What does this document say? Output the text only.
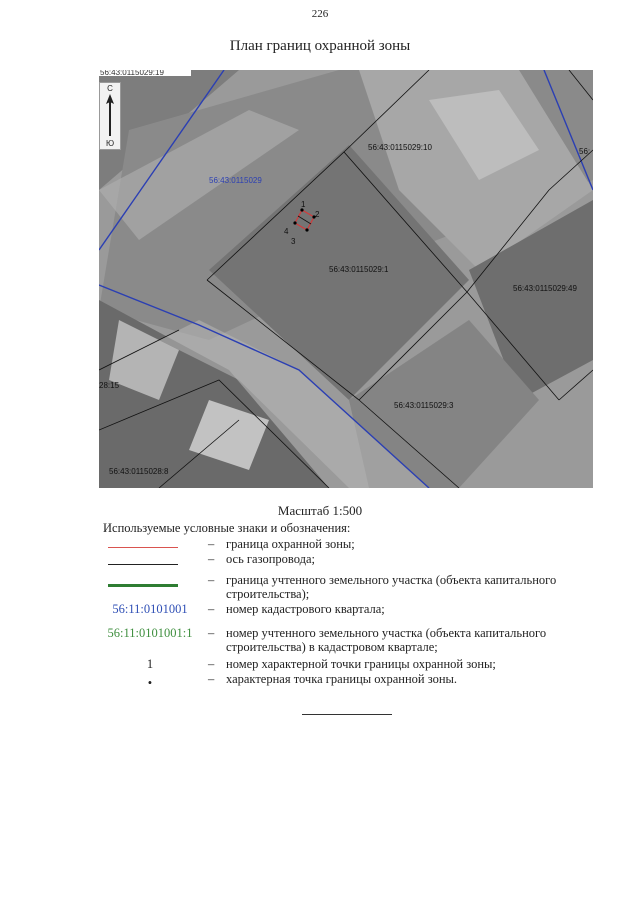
226
План границ охранной зоны
56:43:0115029:19
56:43:0115029
56:43:0115029:10
56:43:0115029:1
56:43:0115029:49
56:43:0115029:3
56:43:0115028:8
28:15
56:
1
2
3
4
С
Ю
Масштаб 1:500
Используемые условные знаки и обозначения:
– граница охранной зоны;
– ось газопровода;
– граница учтенного земельного участка (объекта капитального строительства);
56:11:0101001	– номер кадастрового квартала;
56:11:0101001:1	– номер учтенного земельного участка (объекта капитального строительства) в кадастровом квартале;
1	– номер характерной точки границы охранной зоны;
•	– характерная точка границы охранной зоны.
